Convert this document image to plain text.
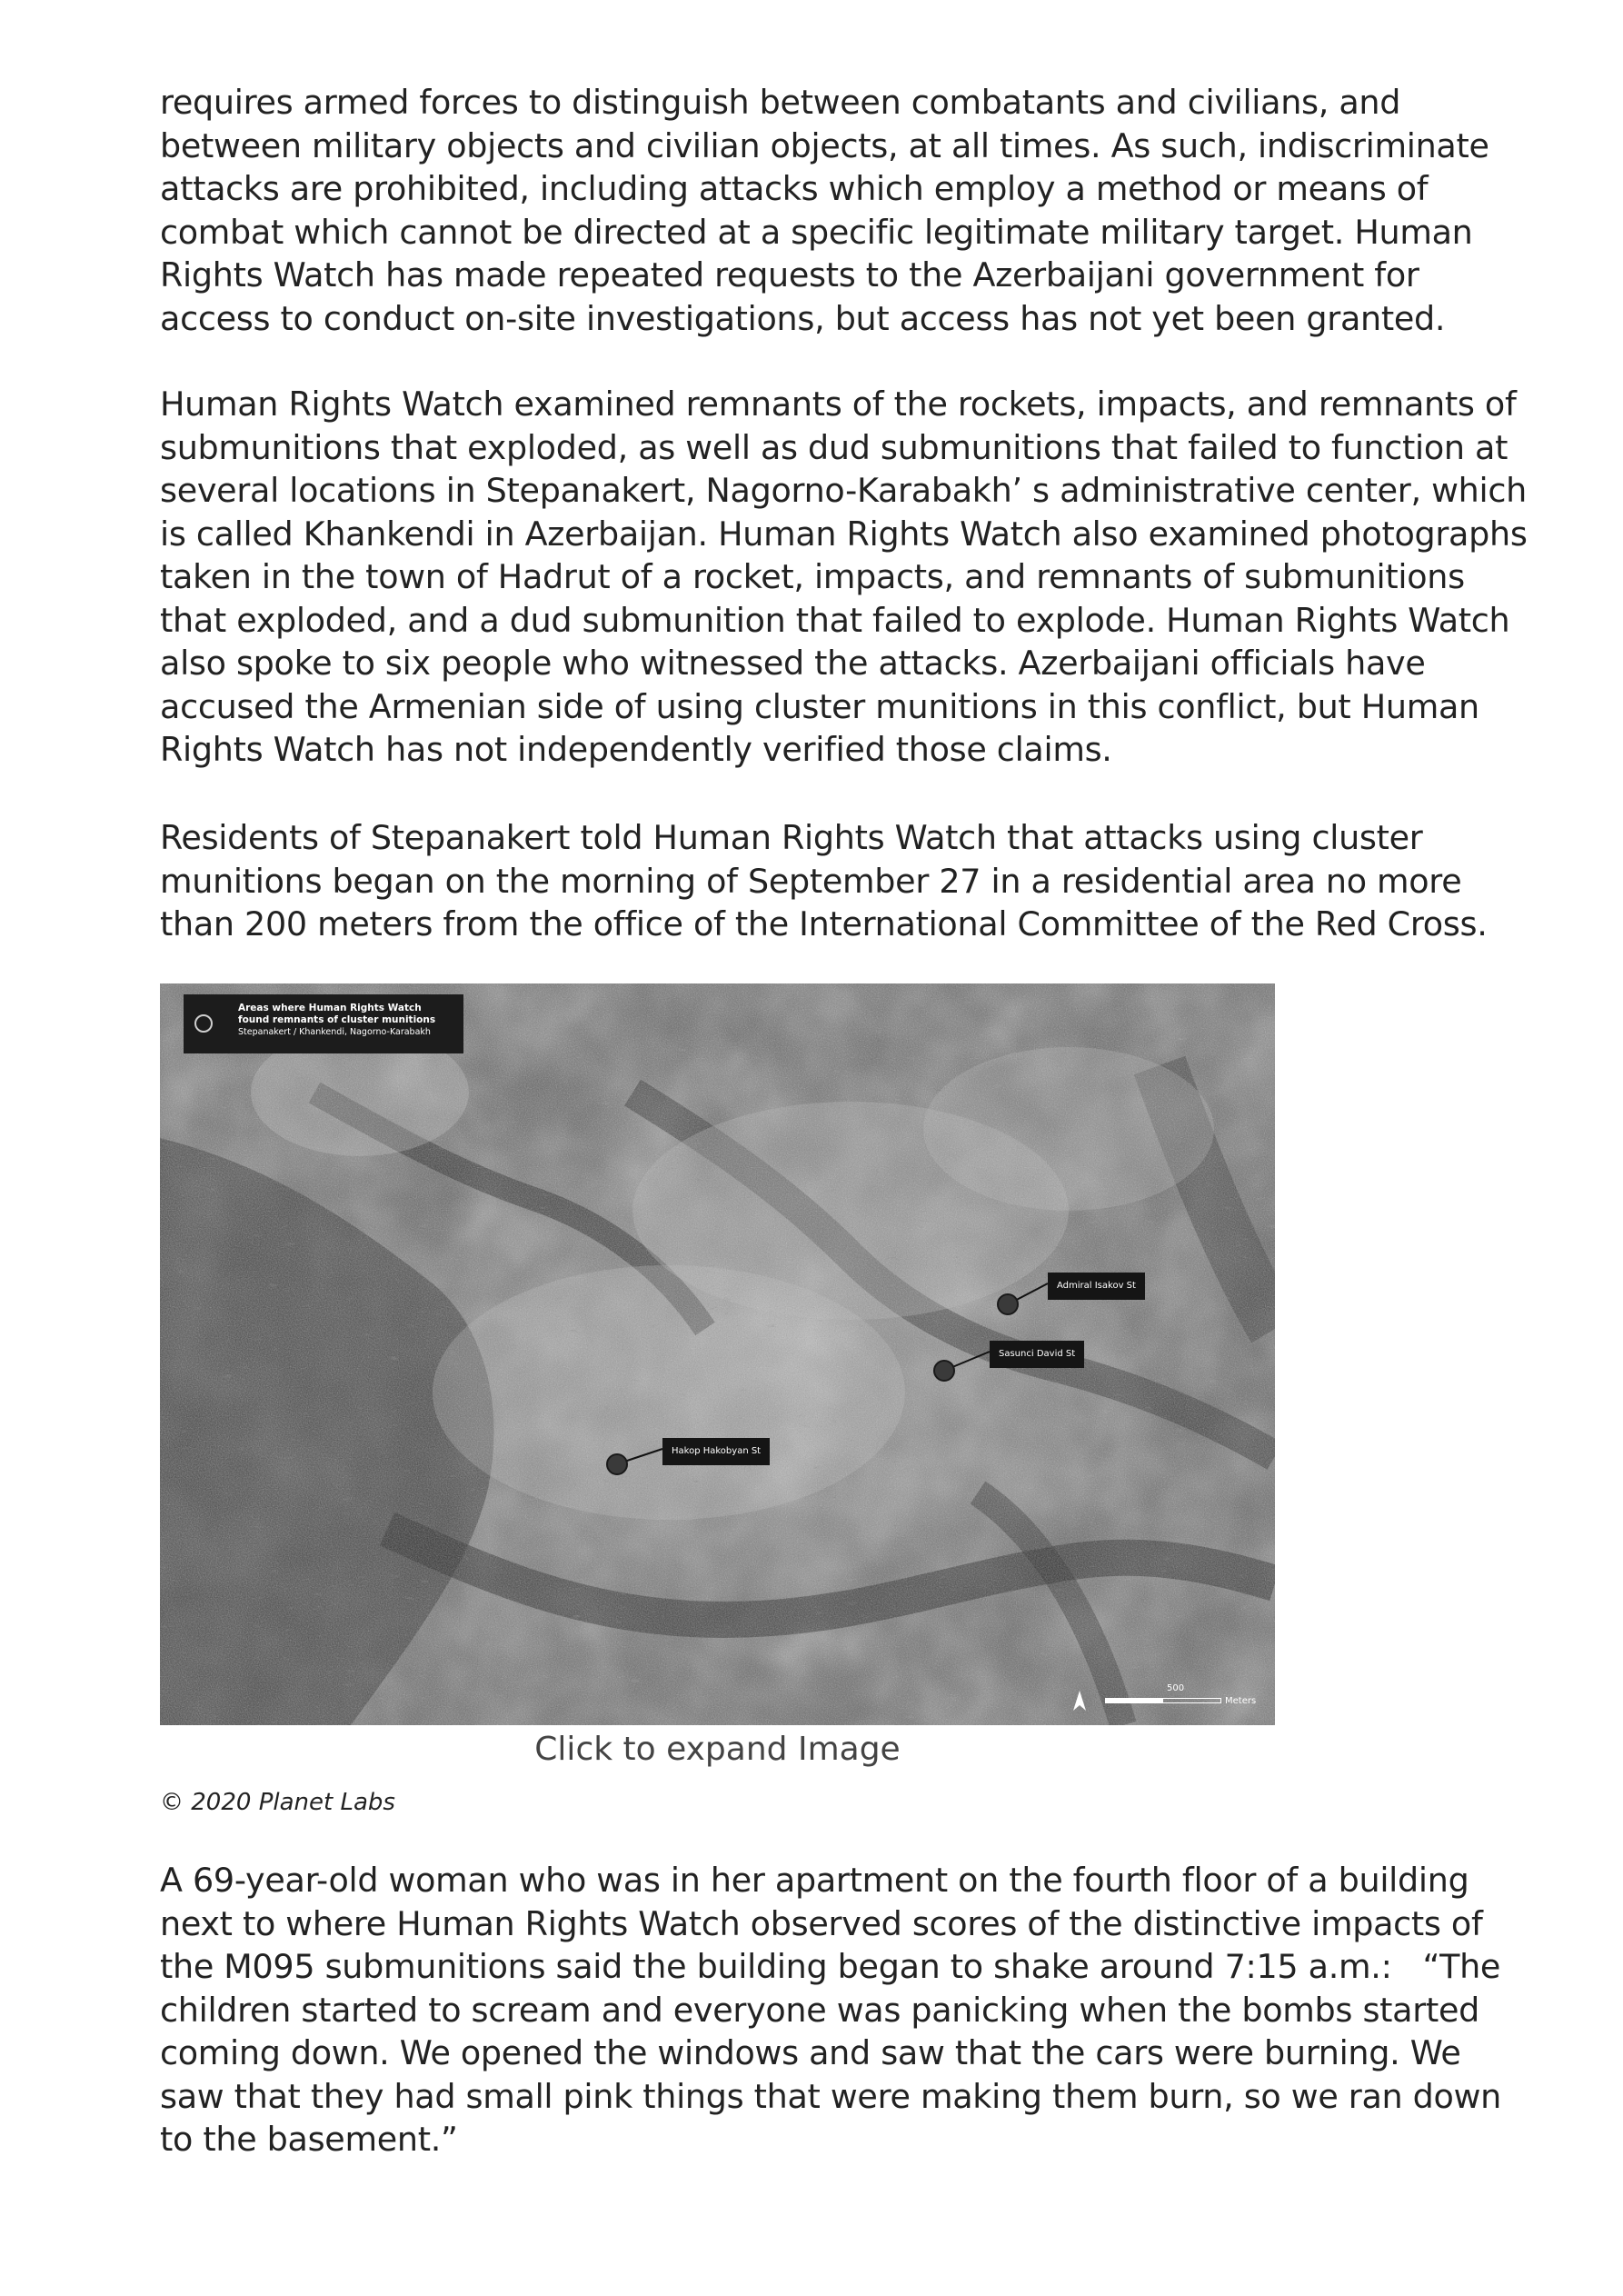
requires armed forces to distinguish between combatants and civilians, and
between military objects and civilian objects, at all times. As such, indiscriminate
attacks are prohibited, including attacks which employ a method or means of
combat which cannot be directed at a specific legitimate military target. Human
Rights Watch has made repeated requests to the Azerbaijani government for
access to conduct on-site investigations, but access has not yet been granted.

Human Rights Watch examined remnants of the rockets, impacts, and remnants of
submunitions that exploded, as well as dud submunitions that failed to function at
several locations in Stepanakert, Nagorno-Karabakh’ s administrative center, which
is called Khankendi in Azerbaijan. Human Rights Watch also examined photographs
taken in the town of Hadrut of a rocket, impacts, and remnants of submunitions
that exploded, and a dud submunition that failed to explode. Human Rights Watch
also spoke to six people who witnessed the attacks. Azerbaijani officials have
accused the Armenian side of using cluster munitions in this conflict, but Human
Rights Watch has not independently verified those claims.

Residents of Stepanakert told Human Rights Watch that attacks using cluster
munitions began on the morning of September 27 in a residential area no more
than 200 meters from the office of the International Committee of the Red Cross.

Areas where Human Rights Watch
found remnants of cluster munitions
Stepanakert / Khankendi, Nagorno-Karabakh
Admiral Isakov St
Sasunci David St
Hakop Hakobyan St
500
Meters
Click to expand Image
© 2020 Planet Labs

A 69-year-old woman who was in her apartment on the fourth floor of a building
next to where Human Rights Watch observed scores of the distinctive impacts of
the M095 submunitions said the building began to shake around 7:15 a.m.:   “The
children started to scream and everyone was panicking when the bombs started
coming down. We opened the windows and saw that the cars were burning. We
saw that they had small pink things that were making them burn, so we ran down
to the basement.”
